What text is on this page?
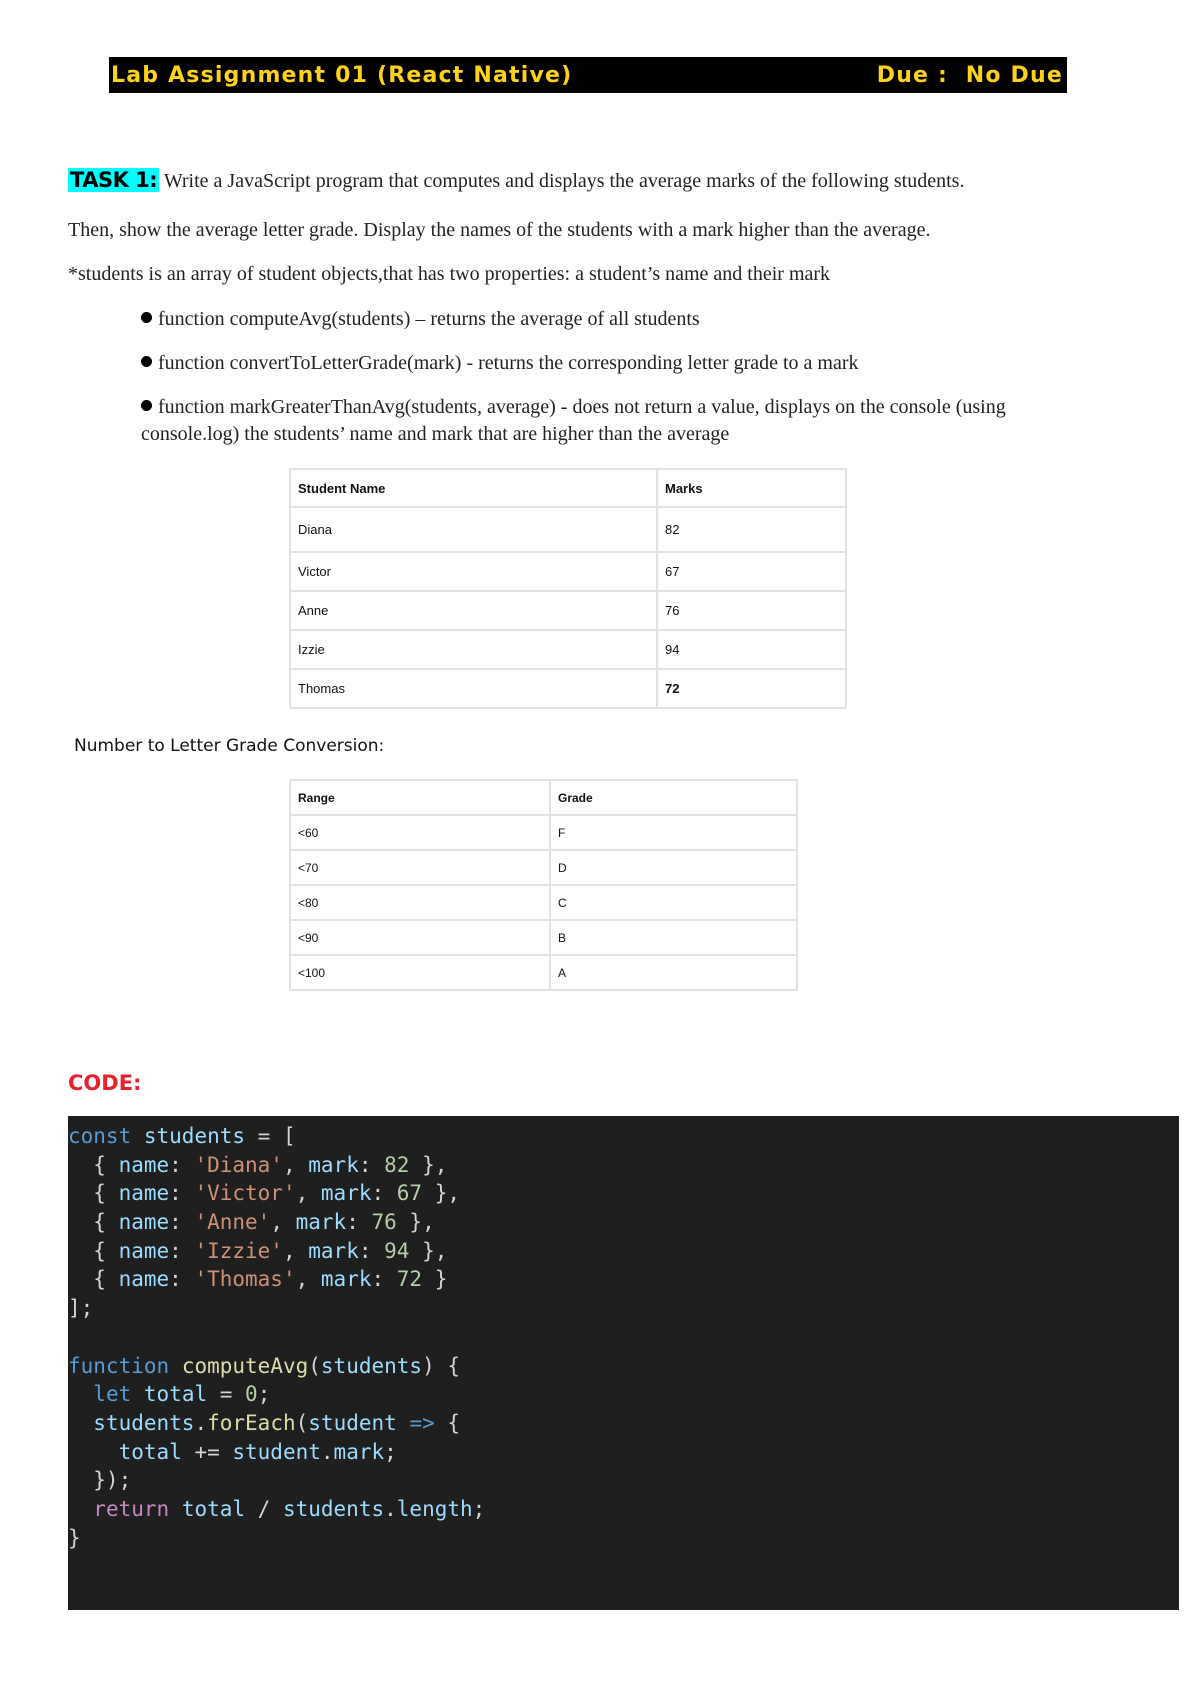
Lab Assignment 01 (React Native)	Due :  No Due
TASK 1: Write a JavaScript program that computes and displays the average marks of the following students.
Then, show the average letter grade. Display the names of the students with a mark higher than the average.
*students is an array of student objects,that has two properties: a student’s name and their mark
function computeAvg(students) – returns the average of all students
function convertToLetterGrade(mark) - returns the corresponding letter grade to a mark
function markGreaterThanAvg(students, average) - does not return a value, displays on the console (using
console.log) the students’ name and mark that are higher than the average
Student Name	Marks
Diana	82
Victor	67
Anne	76
Izzie	94
Thomas	72
Number to Letter Grade Conversion:
Range	Grade
<60	F
<70	D
<80	C
<90	B
<100	A
CODE:
const students = [
{ name: 'Diana', mark: 82 },
{ name: 'Victor', mark: 67 },
{ name: 'Anne', mark: 76 },
{ name: 'Izzie', mark: 94 },
{ name: 'Thomas', mark: 72 }
];
function computeAvg(students) {
let total = 0;
students.forEach(student => {
total += student.mark;
});
return total / students.length;
}
